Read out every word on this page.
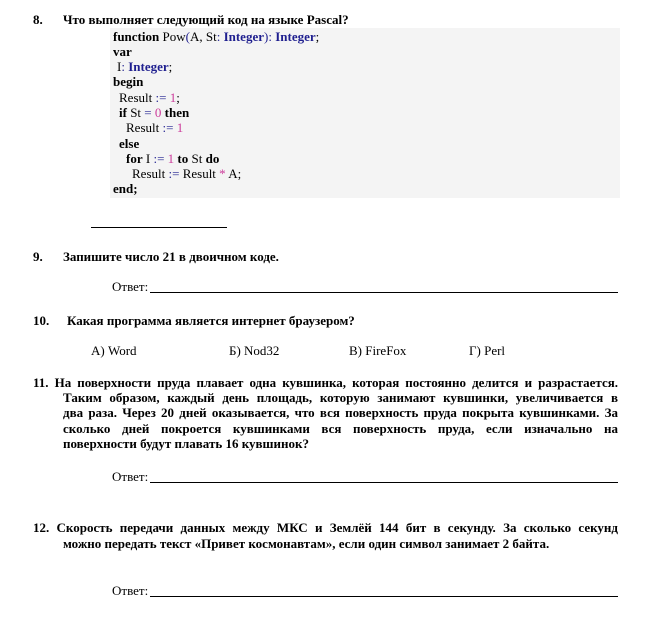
8. Что выполняет следующий код на языке Pascal?
function Pow(A, St: Integer): Integer;
var
I: Integer;
begin
Result := 1;
if St = 0 then
Result := 1
else
for I := 1 to St do
Result := Result * A;
end;
9. Запишите число 21 в двоичном коде.
Ответ:
10. Какая программа является интернет браузером?
А) Word	Б) Nod32	В) FireFox	Г) Perl
11. На поверхности пруда плавает одна кувшинка, которая постоянно делится и разрастается.
Таким образом, каждый день площадь, которую занимают кувшинки, увеличивается в
два раза. Через 20 дней оказывается, что вся поверхность пруда покрыта кувшинками. За
сколько дней покроется кувшинками вся поверхность пруда, если изначально на
поверхности будут плавать 16 кувшинок?
Ответ:
12. Скорость передачи данных между МКС и Землёй 144 бит в секунду. За сколько секунд
можно передать текст «Привет космонавтам», если один символ занимает 2 байта.
Ответ:
